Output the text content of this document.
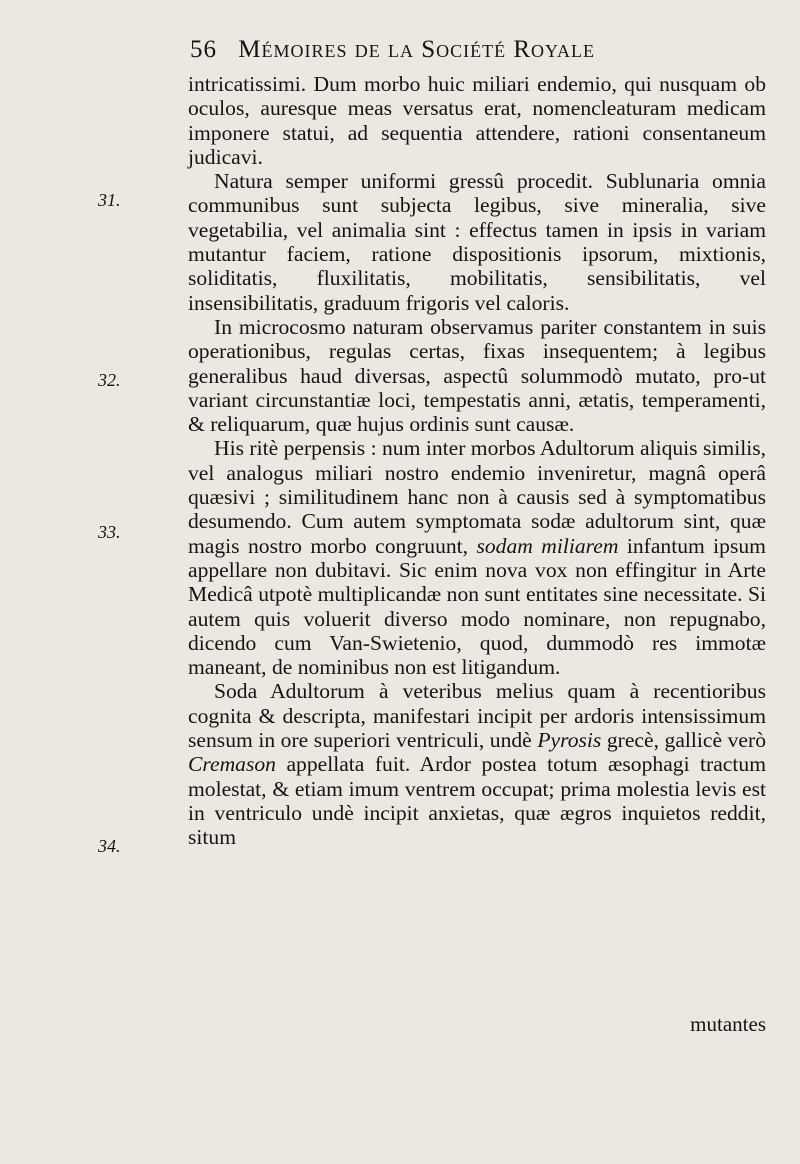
56 Mémoires de la Société Royale
31.
32.
33.
34.

intricatissimi. Dum morbo huic miliari endemio, qui nusquam ob oculos, auresque meas versatus erat, nomencleaturam medicam imponere statui, ad sequentia attendere, rationi consentaneum judicavi.

Natura semper uniformi gressû procedit. Sublunaria omnia communibus sunt subjecta legibus, sive mineralia, sive vegetabilia, vel animalia sint : effectus tamen in ipsis in variam mutantur faciem, ratione dispositionis ipsorum, mixtionis, soliditatis, fluxilitatis, mobilitatis, sensibilitatis, vel insensibilitatis, graduum frigoris vel caloris.

In microcosmo naturam observamus pariter constantem in suis operationibus, regulas certas, fixas insequentem; à legibus generalibus haud diversas, aspectû solummodò mutato, pro-ut variant circunstantiæ loci, tempestatis anni, ætatis, temperamenti, & reliquarum, quæ hujus ordinis sunt causæ.

His ritè perpensis : num inter morbos Adultorum aliquis similis, vel analogus miliari nostro endemio inveniretur, magnâ operâ quæsivi ; similitudinem hanc non à causis sed à symptomatibus desumendo. Cum autem symptomata sodæ adultorum sint, quæ magis nostro morbo congruunt, sodam miliarem infantum ipsum appellare non dubitavi. Sic enim nova vox non effingitur in Arte Medicâ utpotè multiplicandæ non sunt entitates sine necessitate. Si autem quis voluerit diverso modo nominare, non repugnabo, dicendo cum Van-Swietenio, quod, dummodò res immotæ maneant, de nominibus non est litigandum.

Soda Adultorum à veteribus melius quam à recentioribus cognita & descripta, manifestari incipit per ardoris intensissimum sensum in ore superiori ventriculi, undè Pyrosis grecè, gallicè verò Cremason appellata fuit. Ardor postea totum æsophagi tractum molestat, & etiam imum ventrem occupat; prima molestia levis est in ventriculo undè incipit anxietas, quæ ægros inquietos reddit, situm

mutantes
